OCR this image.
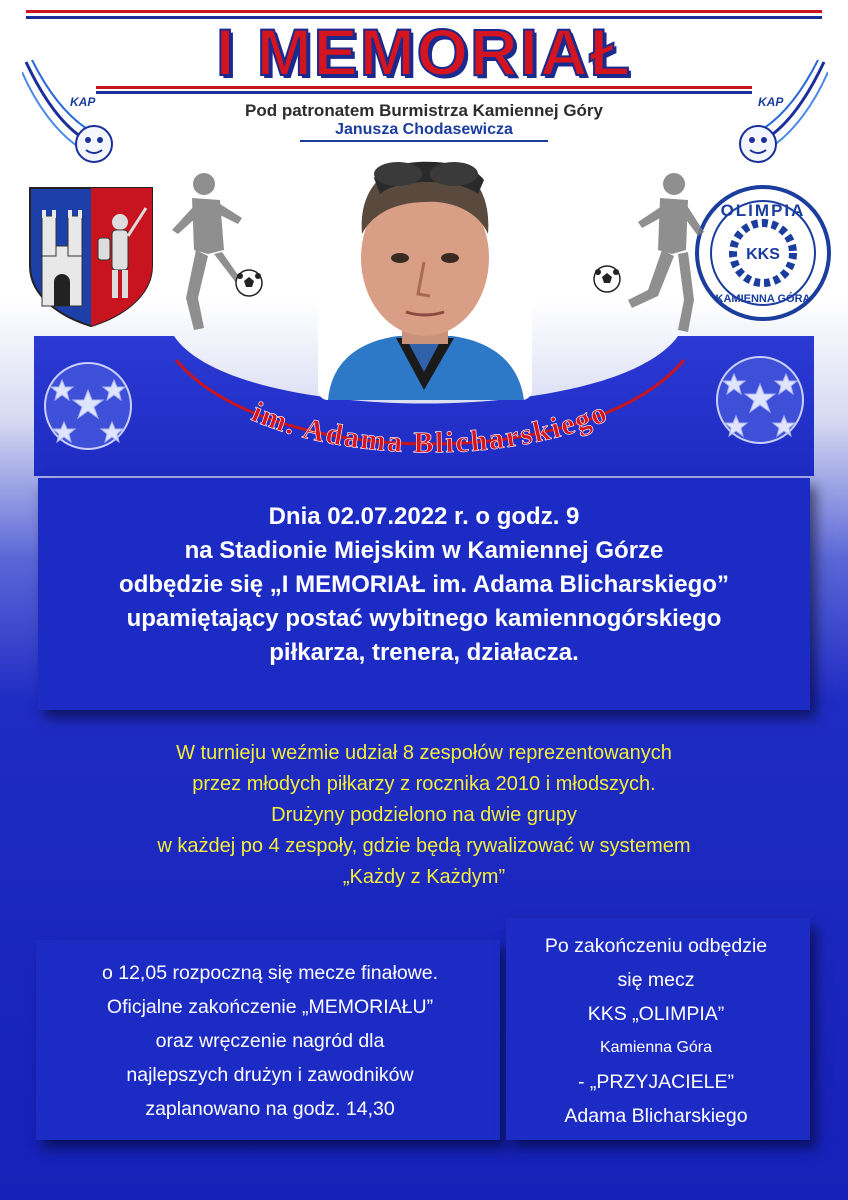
I MEMORIAŁ
Pod patronatem Burmistrza Kamiennej Góry
Janusza Chodasewicza
KAP	KAP
OLIMPIA
KAMIENNA GÓRA
KKS
im. Adama Blicharskiego
Dnia 02.07.2022 r. o godz. 9
na Stadionie Miejskim w Kamiennej Górze
odbędzie się „I MEMORIAŁ im. Adama Blicharskiego”
upamiętający postać wybitnego kamiennogórskiego
piłkarza, trenera, działacza.
W turnieju weźmie udział 8 zespołów reprezentowanych
przez młodych piłkarzy z rocznika 2010 i młodszych.
Drużyny podzielono na dwie grupy
w każdej po 4 zespoły, gdzie będą rywalizować w systemem
„Każdy z Każdym”
o 12,05 rozpoczną się mecze finałowe.
Oficjalne zakończenie „MEMORIAŁU”
oraz wręczenie nagród dla
najlepszych drużyn i zawodników
zaplanowano na godz. 14,30
Po zakończeniu odbędzie
się mecz
KKS „OLIMPIA”
Kamienna Góra
- „PRZYJACIELE”
Adama Blicharskiego
